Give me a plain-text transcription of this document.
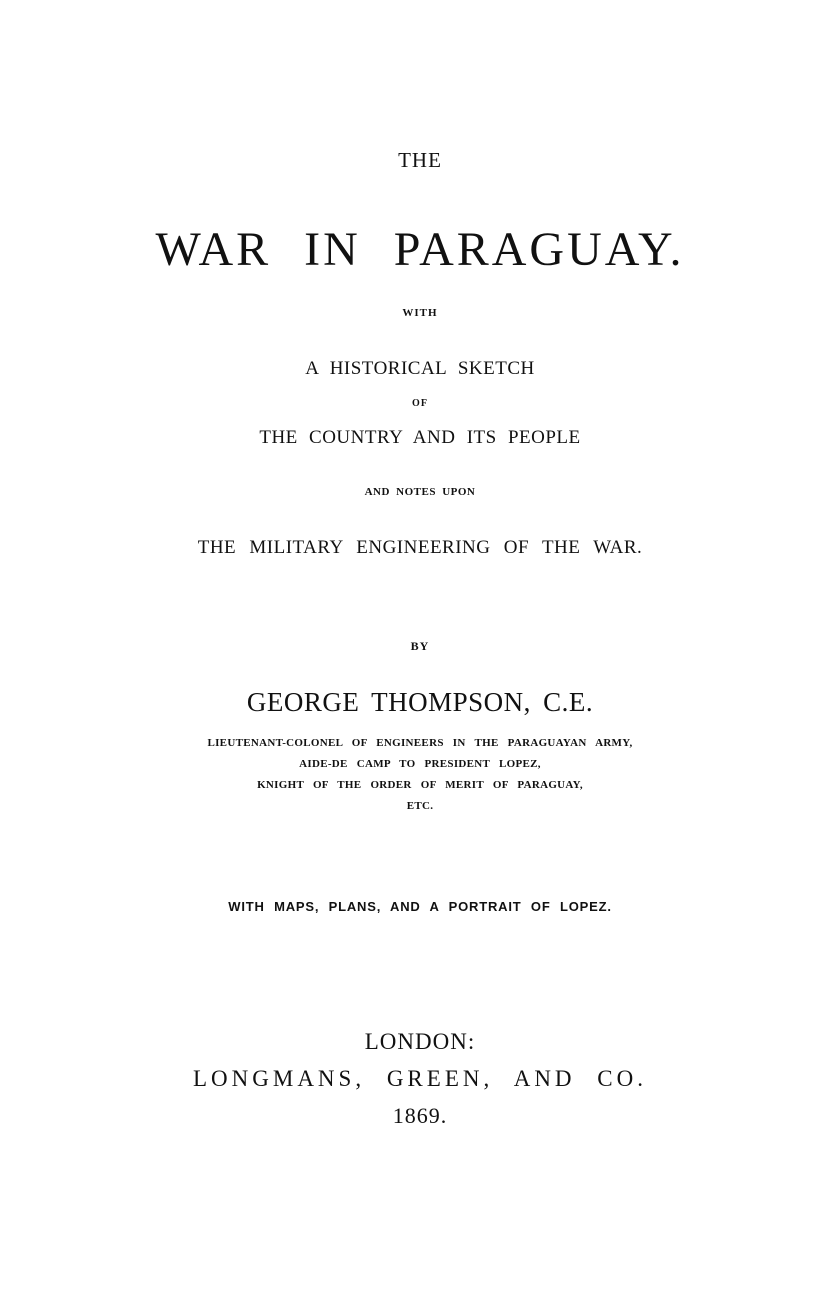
THE
WAR IN PARAGUAY.
WITH
A HISTORICAL SKETCH
OF
THE COUNTRY AND ITS PEOPLE
AND NOTES UPON
THE MILITARY ENGINEERING OF THE WAR.
BY
GEORGE THOMPSON, C.E.
LIEUTENANT-COLONEL OF ENGINEERS IN THE PARAGUAYAN ARMY,
AIDE-DE CAMP TO PRESIDENT LOPEZ,
KNIGHT OF THE ORDER OF MERIT OF PARAGUAY,
ETC.
WITH MAPS, PLANS, AND A PORTRAIT OF LOPEZ.
LONDON:
LONGMANS, GREEN, AND CO.
1869.
